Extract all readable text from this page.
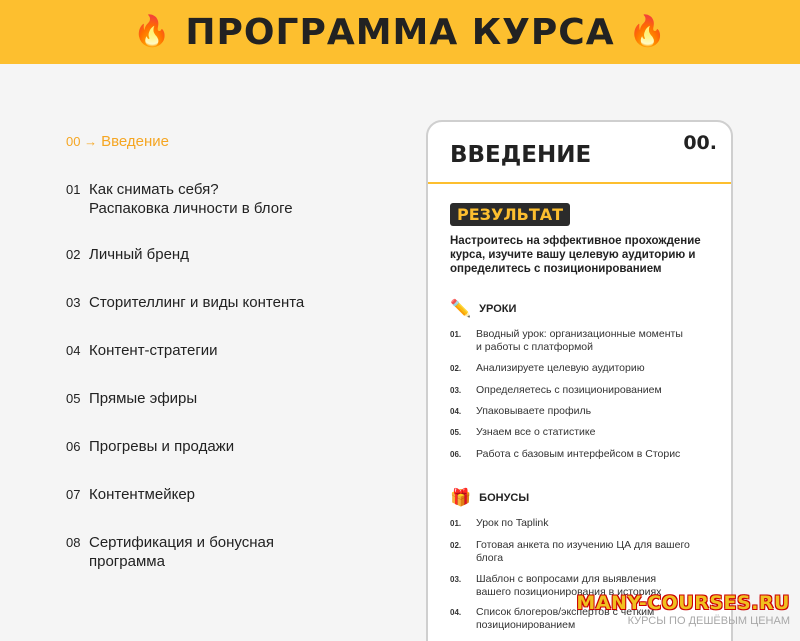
🔥 ПРОГРАММА КУРСА 🔥
00 → Введение
01 Как снимать себя?
Распаковка личности в блоге
02 Личный бренд
03 Сторителлинг и виды контента
04 Контент-стратегии
05 Прямые эфиры
06 Прогревы и продажи
07 Контентмейкер
08 Сертификация и бонусная
программа
ВВЕДЕНИЕ	00.
РЕЗУЛЬТАТ
Настроитесь на эффективное прохождение курса, изучите вашу целевую аудиторию и определитесь с позиционированием
✏️ УРОКИ
01.	Вводный урок: организационные моменты
и работы с платформой
02.	Анализируете целевую аудиторию
03.	Определяетесь с позиционированием
04.	Упаковываете профиль
05.	Узнаем все о статистике
06.	Работа с базовым интерфейсом в Сторис
🎁 БОНУСЫ
01.	Урок по Taplink
02.	Готовая анкета по изучению ЦА для вашего
блога
03.	Шаблон с вопросами для выявления
вашего позиционирования в историях
04.	Список блогеров/экспертов с четким
позиционированием
MANY-COURSES.RU
КУРСЫ ПО ДЕШЁВЫМ ЦЕНАМ
